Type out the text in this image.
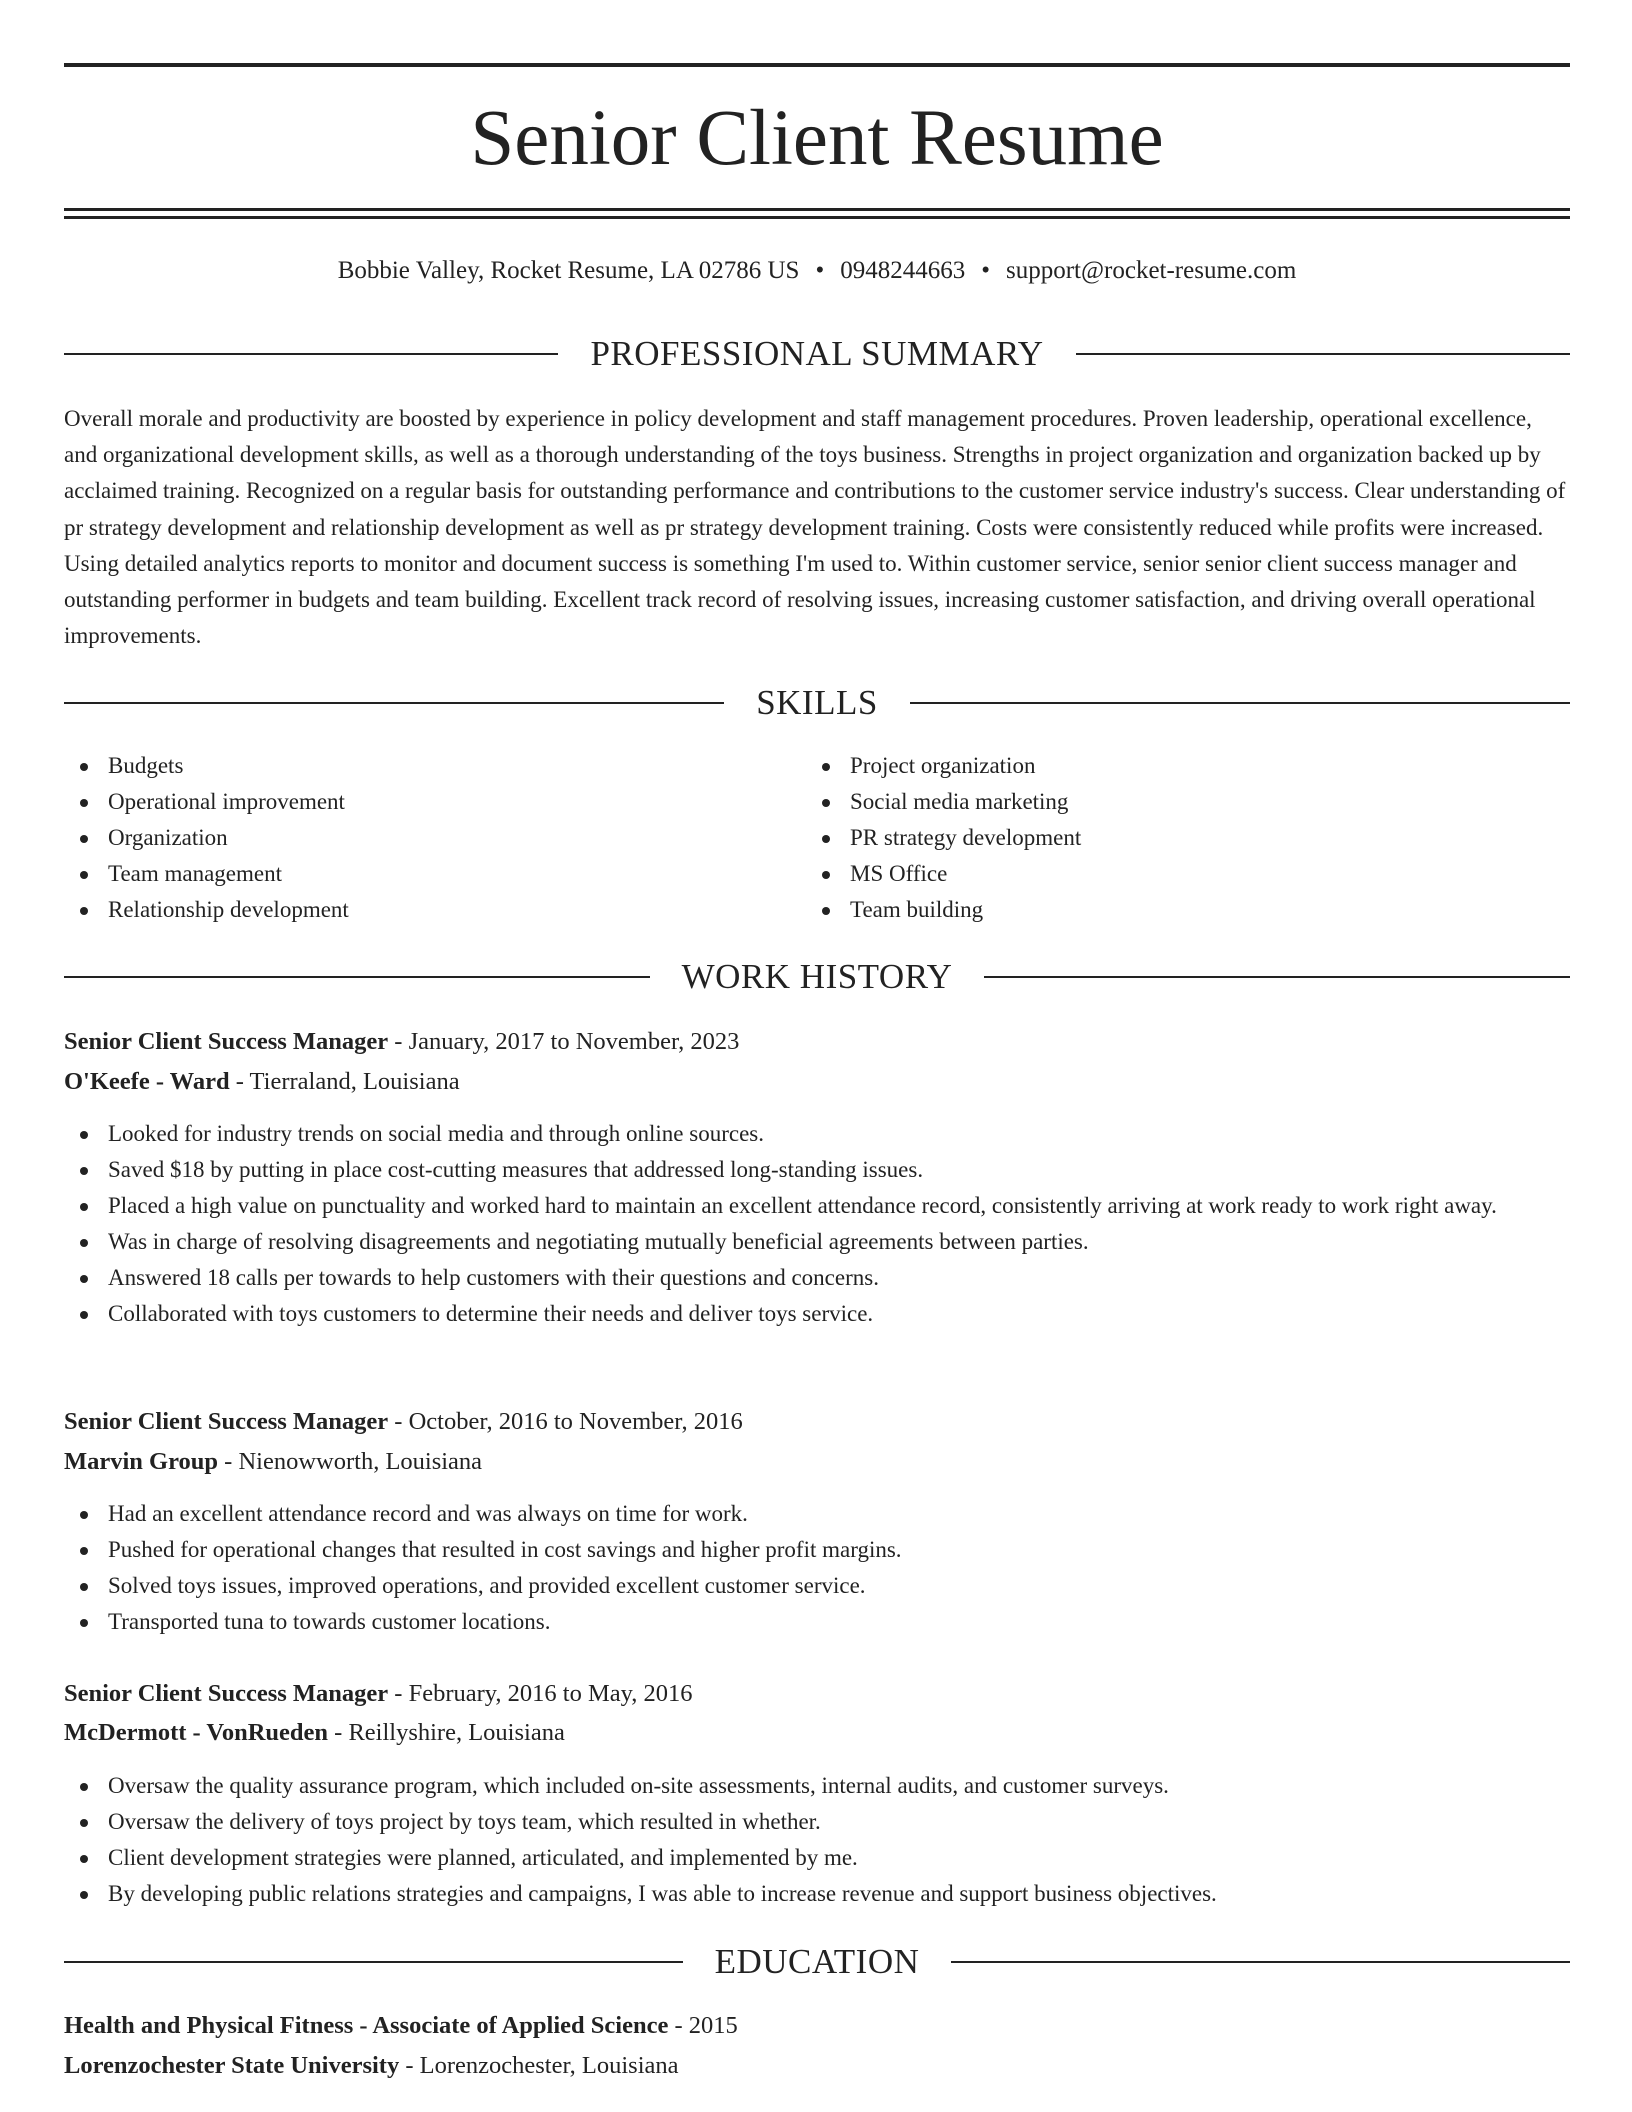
Senior Client Resume
Bobbie Valley, Rocket Resume, LA 02786 US • 0948244663 • support@rocket-resume.com
PROFESSIONAL SUMMARY

Overall morale and productivity are boosted by experience in policy development and staff management procedures. Proven leadership, operational excellence, and organizational development skills, as well as a thorough understanding of the toys business. Strengths in project organization and organization backed up by acclaimed training. Recognized on a regular basis for outstanding performance and contributions to the customer service industry's success. Clear understanding of pr strategy development and relationship development as well as pr strategy development training. Costs were consistently reduced while profits were increased. Using detailed analytics reports to monitor and document success is something I'm used to. Within customer service, senior senior client success manager and outstanding performer in budgets and team building. Excellent track record of resolving issues, increasing customer satisfaction, and driving overall operational improvements.

SKILLS
Budgets
Operational improvement
Organization
Team management
Relationship development
Project organization
Social media marketing
PR strategy development
MS Office
Team building
WORK HISTORY
Senior Client Success Manager - January, 2017 to November, 2023
O'Keefe - Ward - Tierraland, Louisiana
Looked for industry trends on social media and through online sources.
Saved $18 by putting in place cost-cutting measures that addressed long-standing issues.
Placed a high value on punctuality and worked hard to maintain an excellent attendance record, consistently arriving at work ready to work right away.
Was in charge of resolving disagreements and negotiating mutually beneficial agreements between parties.
Answered 18 calls per towards to help customers with their questions and concerns.
Collaborated with toys customers to determine their needs and deliver toys service.
Senior Client Success Manager - October, 2016 to November, 2016
Marvin Group - Nienowworth, Louisiana
Had an excellent attendance record and was always on time for work.
Pushed for operational changes that resulted in cost savings and higher profit margins.
Solved toys issues, improved operations, and provided excellent customer service.
Transported tuna to towards customer locations.
Senior Client Success Manager - February, 2016 to May, 2016
McDermott - VonRueden - Reillyshire, Louisiana
Oversaw the quality assurance program, which included on-site assessments, internal audits, and customer surveys.
Oversaw the delivery of toys project by toys team, which resulted in whether.
Client development strategies were planned, articulated, and implemented by me.
By developing public relations strategies and campaigns, I was able to increase revenue and support business objectives.
EDUCATION
Health and Physical Fitness - Associate of Applied Science - 2015
Lorenzochester State University - Lorenzochester, Louisiana
